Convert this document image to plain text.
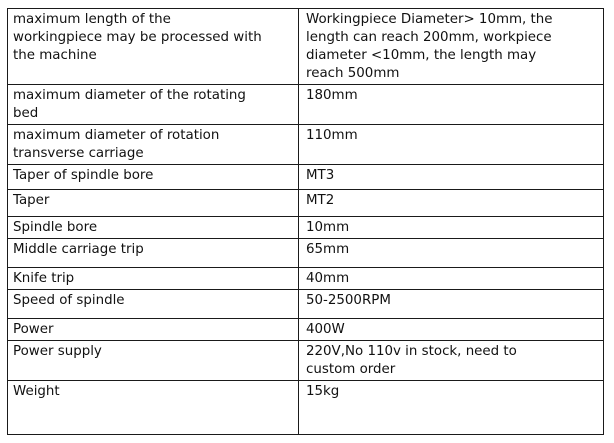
maximum length of the
workingpiece may be processed with
the machine	Workingpiece Diameter> 10mm, the
length can reach 200mm, workpiece
diameter <10mm, the length may
reach 500mm
maximum diameter of the rotating
bed	180mm
maximum diameter of rotation
transverse carriage	110mm
Taper of spindle bore	MT3
Taper	MT2
Spindle bore	10mm
Middle carriage trip	65mm
Knife trip	40mm
Speed of spindle	50-2500RPM
Power	400W
Power supply	220V,No 110v in stock, need to
custom order
Weight	15kg
